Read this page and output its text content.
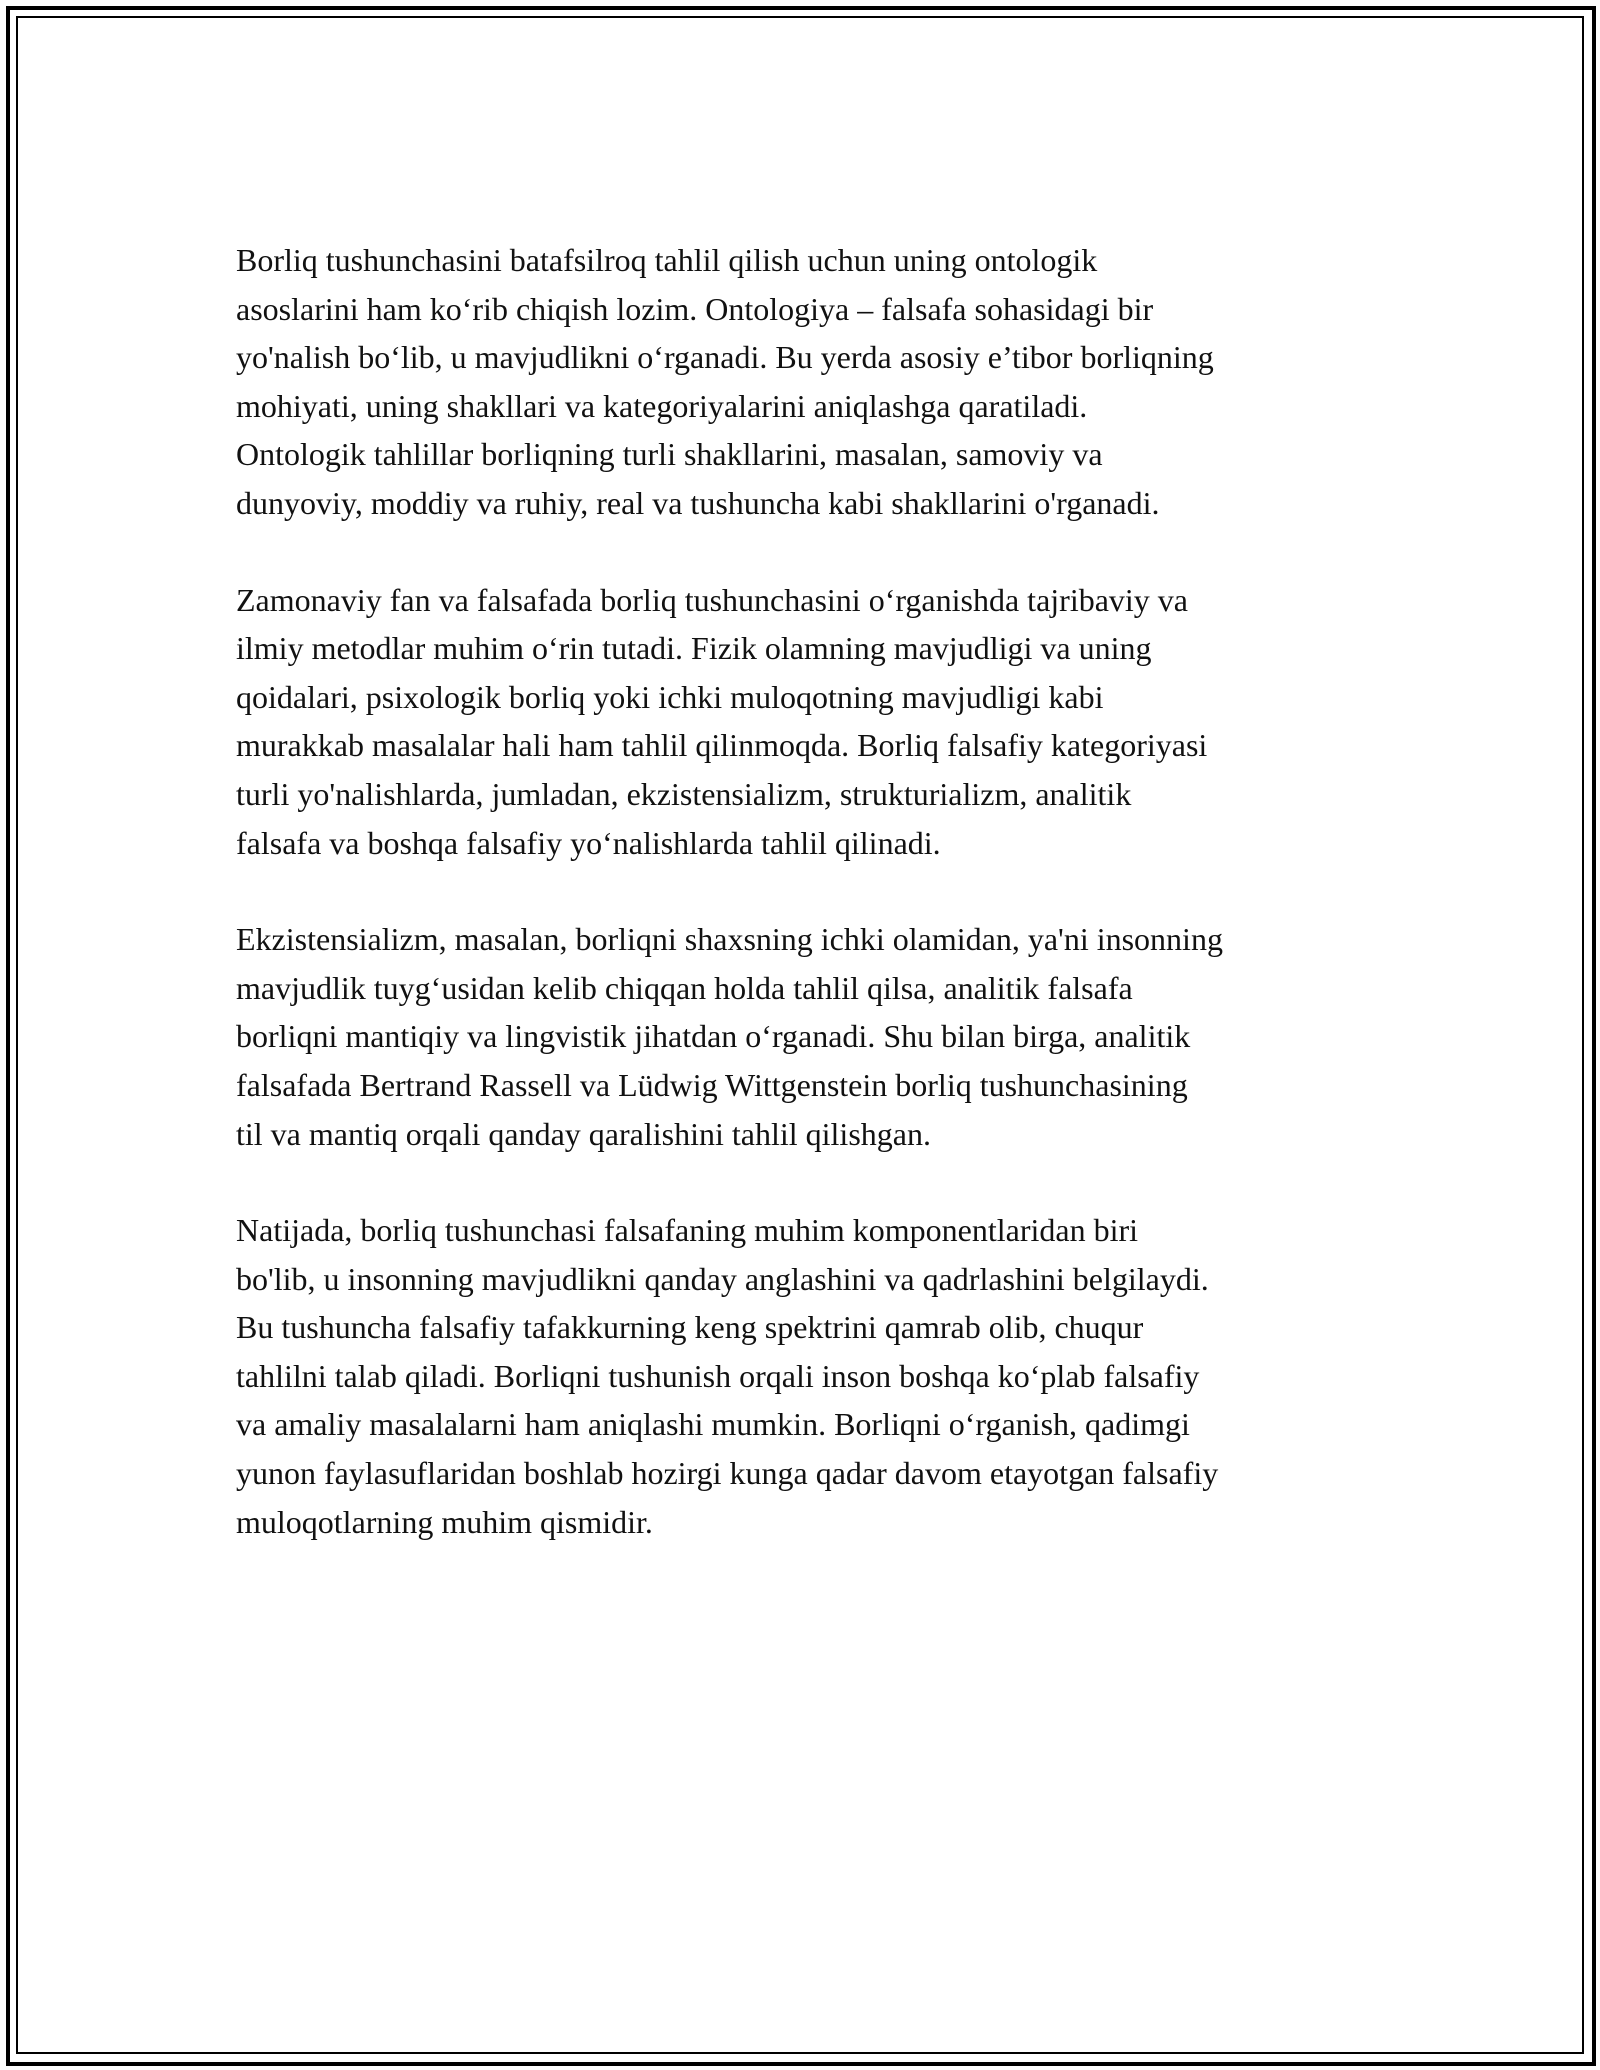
Borliq tushunchasini batafsilroq tahlil qilish uchun uning ontologik
asoslarini ham ko‘rib chiqish lozim. Ontologiya – falsafa sohasidagi bir
yo'nalish bo‘lib, u mavjudlikni o‘rganadi. Bu yerda asosiy e’tibor borliqning
mohiyati, uning shakllari va kategoriyalarini aniqlashga qaratiladi.
Ontologik tahlillar borliqning turli shakllarini, masalan, samoviy va
dunyoviy, moddiy va ruhiy, real va tushuncha kabi shakllarini o'rganadi.

Zamonaviy fan va falsafada borliq tushunchasini o‘rganishda tajribaviy va
ilmiy metodlar muhim o‘rin tutadi. Fizik olamning mavjudligi va uning
qoidalari, psixologik borliq yoki ichki muloqotning mavjudligi kabi
murakkab masalalar hali ham tahlil qilinmoqda. Borliq falsafiy kategoriyasi
turli yo'nalishlarda, jumladan, ekzistensializm, strukturializm, analitik
falsafa va boshqa falsafiy yo‘nalishlarda tahlil qilinadi.

Ekzistensializm, masalan, borliqni shaxsning ichki olamidan, ya'ni insonning
mavjudlik tuyg‘usidan kelib chiqqan holda tahlil qilsa, analitik falsafa
borliqni mantiqiy va lingvistik jihatdan o‘rganadi. Shu bilan birga, analitik
falsafada Bertrand Rassell va Lüdwig Wittgenstein borliq tushunchasining
til va mantiq orqali qanday qaralishini tahlil qilishgan.

Natijada, borliq tushunchasi falsafaning muhim komponentlaridan biri
bo'lib, u insonning mavjudlikni qanday anglashini va qadrlashini belgilaydi.
Bu tushuncha falsafiy tafakkurning keng spektrini qamrab olib, chuqur
tahlilni talab qiladi. Borliqni tushunish orqali inson boshqa ko‘plab falsafiy
va amaliy masalalarni ham aniqlashi mumkin. Borliqni o‘rganish, qadimgi
yunon faylasuflaridan boshlab hozirgi kunga qadar davom etayotgan falsafiy
muloqotlarning muhim qismidir.
